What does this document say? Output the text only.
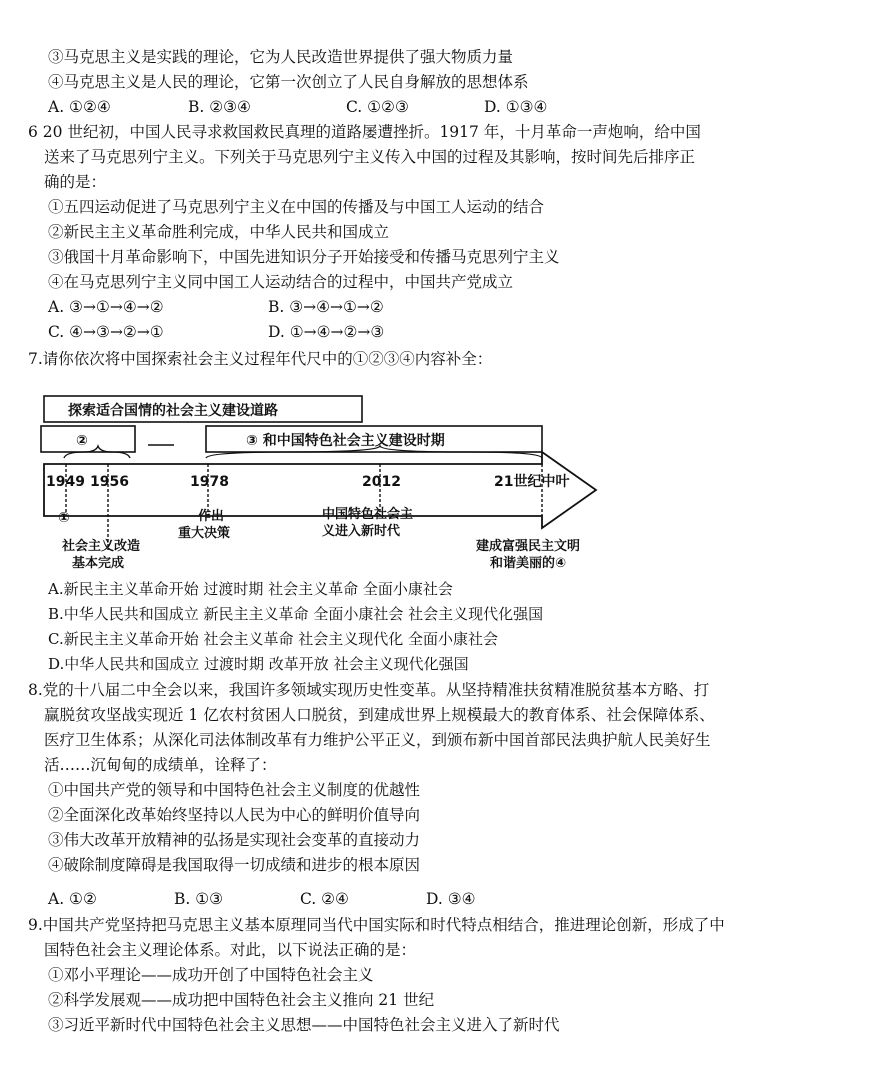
③马克思主义是实践的理论，它为人民改造世界提供了强大物质力量
④马克思主义是人民的理论，它第一次创立了人民自身解放的思想体系
A. ①②④	B. ②③④	C. ①②③	D. ①③④
6 20 世纪初，中国人民寻求救国救民真理的道路屡遭挫折。1917 年，十月革命一声炮响，给中国
送来了马克思列宁主义。下列关于马克思列宁主义传入中国的过程及其影响，按时间先后排序正
确的是：
①五四运动促进了马克思列宁主义在中国的传播及与中国工人运动的结合
②新民主主义革命胜利完成，中华人民共和国成立
③俄国十月革命影响下，中国先进知识分子开始接受和传播马克思列宁主义
④在马克思列宁主义同中国工人运动结合的过程中，中国共产党成立
A. ③→①→④→②	B. ③→④→①→②
C. ④→③→②→①	D. ①→④→②→③
7.请你依次将中国探索社会主义过程年代尺中的①②③④内容补全：
探索适合国情的社会主义建设道路
②	③ 和中国特色社会主义建设时期
1949 1956	1978	2012	21世纪中叶
①
社会主义改造
基本完成
作出
重大决策
中国特色社会主
义进入新时代
建成富强民主文明
和谐美丽的④
A.新民主主义革命开始 过渡时期 社会主义革命 全面小康社会
B.中华人民共和国成立 新民主主义革命 全面小康社会 社会主义现代化强国
C.新民主主义革命开始 社会主义革命 社会主义现代化 全面小康社会
D.中华人民共和国成立 过渡时期 改革开放 社会主义现代化强国
8.党的十八届二中全会以来，我国许多领域实现历史性变革。从坚持精准扶贫精准脱贫基本方略、打
赢脱贫攻坚战实现近 1 亿农村贫困人口脱贫，到建成世界上规模最大的教育体系、社会保障体系、
医疗卫生体系；从深化司法体制改革有力维护公平正义，到颁布新中国首部民法典护航人民美好生
活……沉甸甸的成绩单，诠释了：
①中国共产党的领导和中国特色社会主义制度的优越性
②全面深化改革始终坚持以人民为中心的鲜明价值导向
③伟大改革开放精神的弘扬是实现社会变革的直接动力
④破除制度障碍是我国取得一切成绩和进步的根本原因
A. ①②	B. ①③	C. ②④	D. ③④
9.中国共产党坚持把马克思主义基本原理同当代中国实际和时代特点相结合，推进理论创新，形成了中
国特色社会主义理论体系。对此，以下说法正确的是：
①邓小平理论——成功开创了中国特色社会主义
②科学发展观——成功把中国特色社会主义推向 21 世纪
③习近平新时代中国特色社会主义思想——中国特色社会主义进入了新时代
